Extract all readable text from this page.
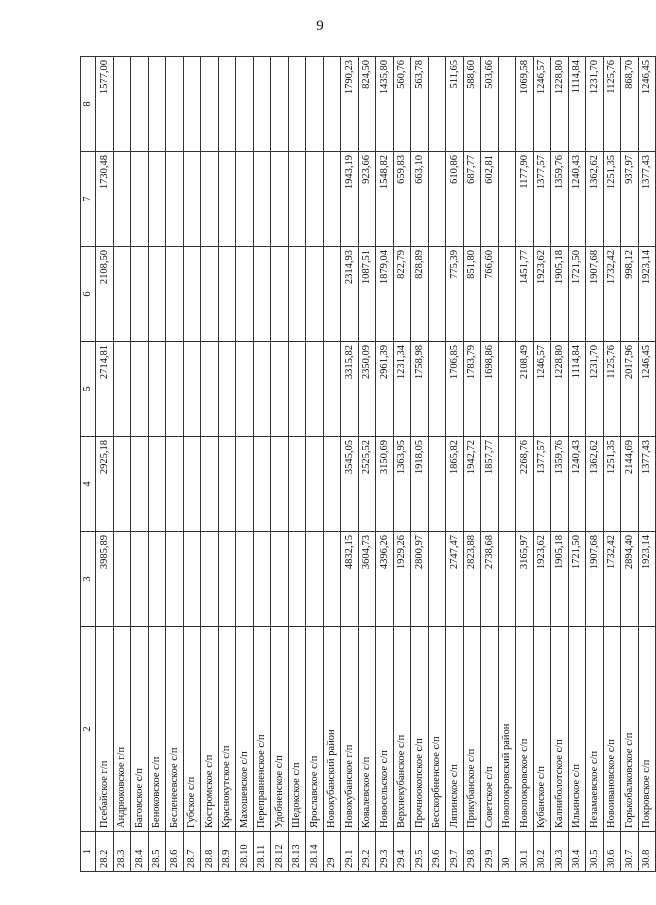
9
1	2	3	4	5	6	7	8
28.2	Псебайское г/п	3985,89	2925,18	2714,81	2108,50	1730,48	1577,00
28.3	Андрюковское г/п						
28.4	Баговское с/п						
28.5	Беноковское с/п						
28.6	Бесленеевское с/п						
28.7	Губское с/п						
28.8	Костромское с/п						
28.9	Краснокутское с/п						
28.10	Махошевское с/п						
28.11	Переправненское с/п						
28.12	Удобненское с/п						
28.13	Шедокское с/п						
28.14	Ярославское с/п						
29	Новокубанский район						
29.1	Новокубанское г/п	4832,15	3545,05	3315,82	2314,93	1943,19	1790,23
29.2	Ковалевское с/п	3604,73	2525,52	2350,09	1087,51	923,66	824,50
29.3	Новосельское с/п	4396,26	3150,69	2961,39	1879,04	1548,82	1435,80
29.4	Верхнекубанское с/п	1929,26	1363,95	1231,34	822,79	659,83	560,76
29.5	Прочноокопское с/п	2800,97	1918,05	1758,98	828,89	663,10	563,78
29.6	Бесскорбненское с/п						
29.7	Ляпинское с/п	2747,47	1865,82	1706,85	775,39	610,86	511,65
29.8	Прикубанское с/п	2823,88	1942,72	1783,79	851,80	687,77	588,60
29.9	Советское с/п	2738,68	1857,77	1698,86	766,60	602,81	503,66
30	Новопокровский район						
30.1	Новопокровское с/п	3165,97	2268,76	2108,49	1451,77	1177,90	1069,58
30.2	Кубанское с/п	1923,62	1377,57	1246,57	1923,62	1377,57	1246,57
30.3	Калниболотское с/п	1905,18	1359,76	1228,80	1905,18	1359,76	1228,80
30.4	Ильинское с/п	1721,50	1240,43	1114,84	1721,50	1240,43	1114,84
30.5	Незамаевское с/п	1907,68	1362,62	1231,70	1907,68	1362,62	1231,70
30.6	Новоивановское с/п	1732,42	1251,35	1125,76	1732,42	1251,35	1125,76
30.7	Горькобалковское с/п	2894,40	2144,69	2017,96	998,12	937,97	868,70
30.8	Покровское с/п	1923,14	1377,43	1246,45	1923,14	1377,43	1246,45
